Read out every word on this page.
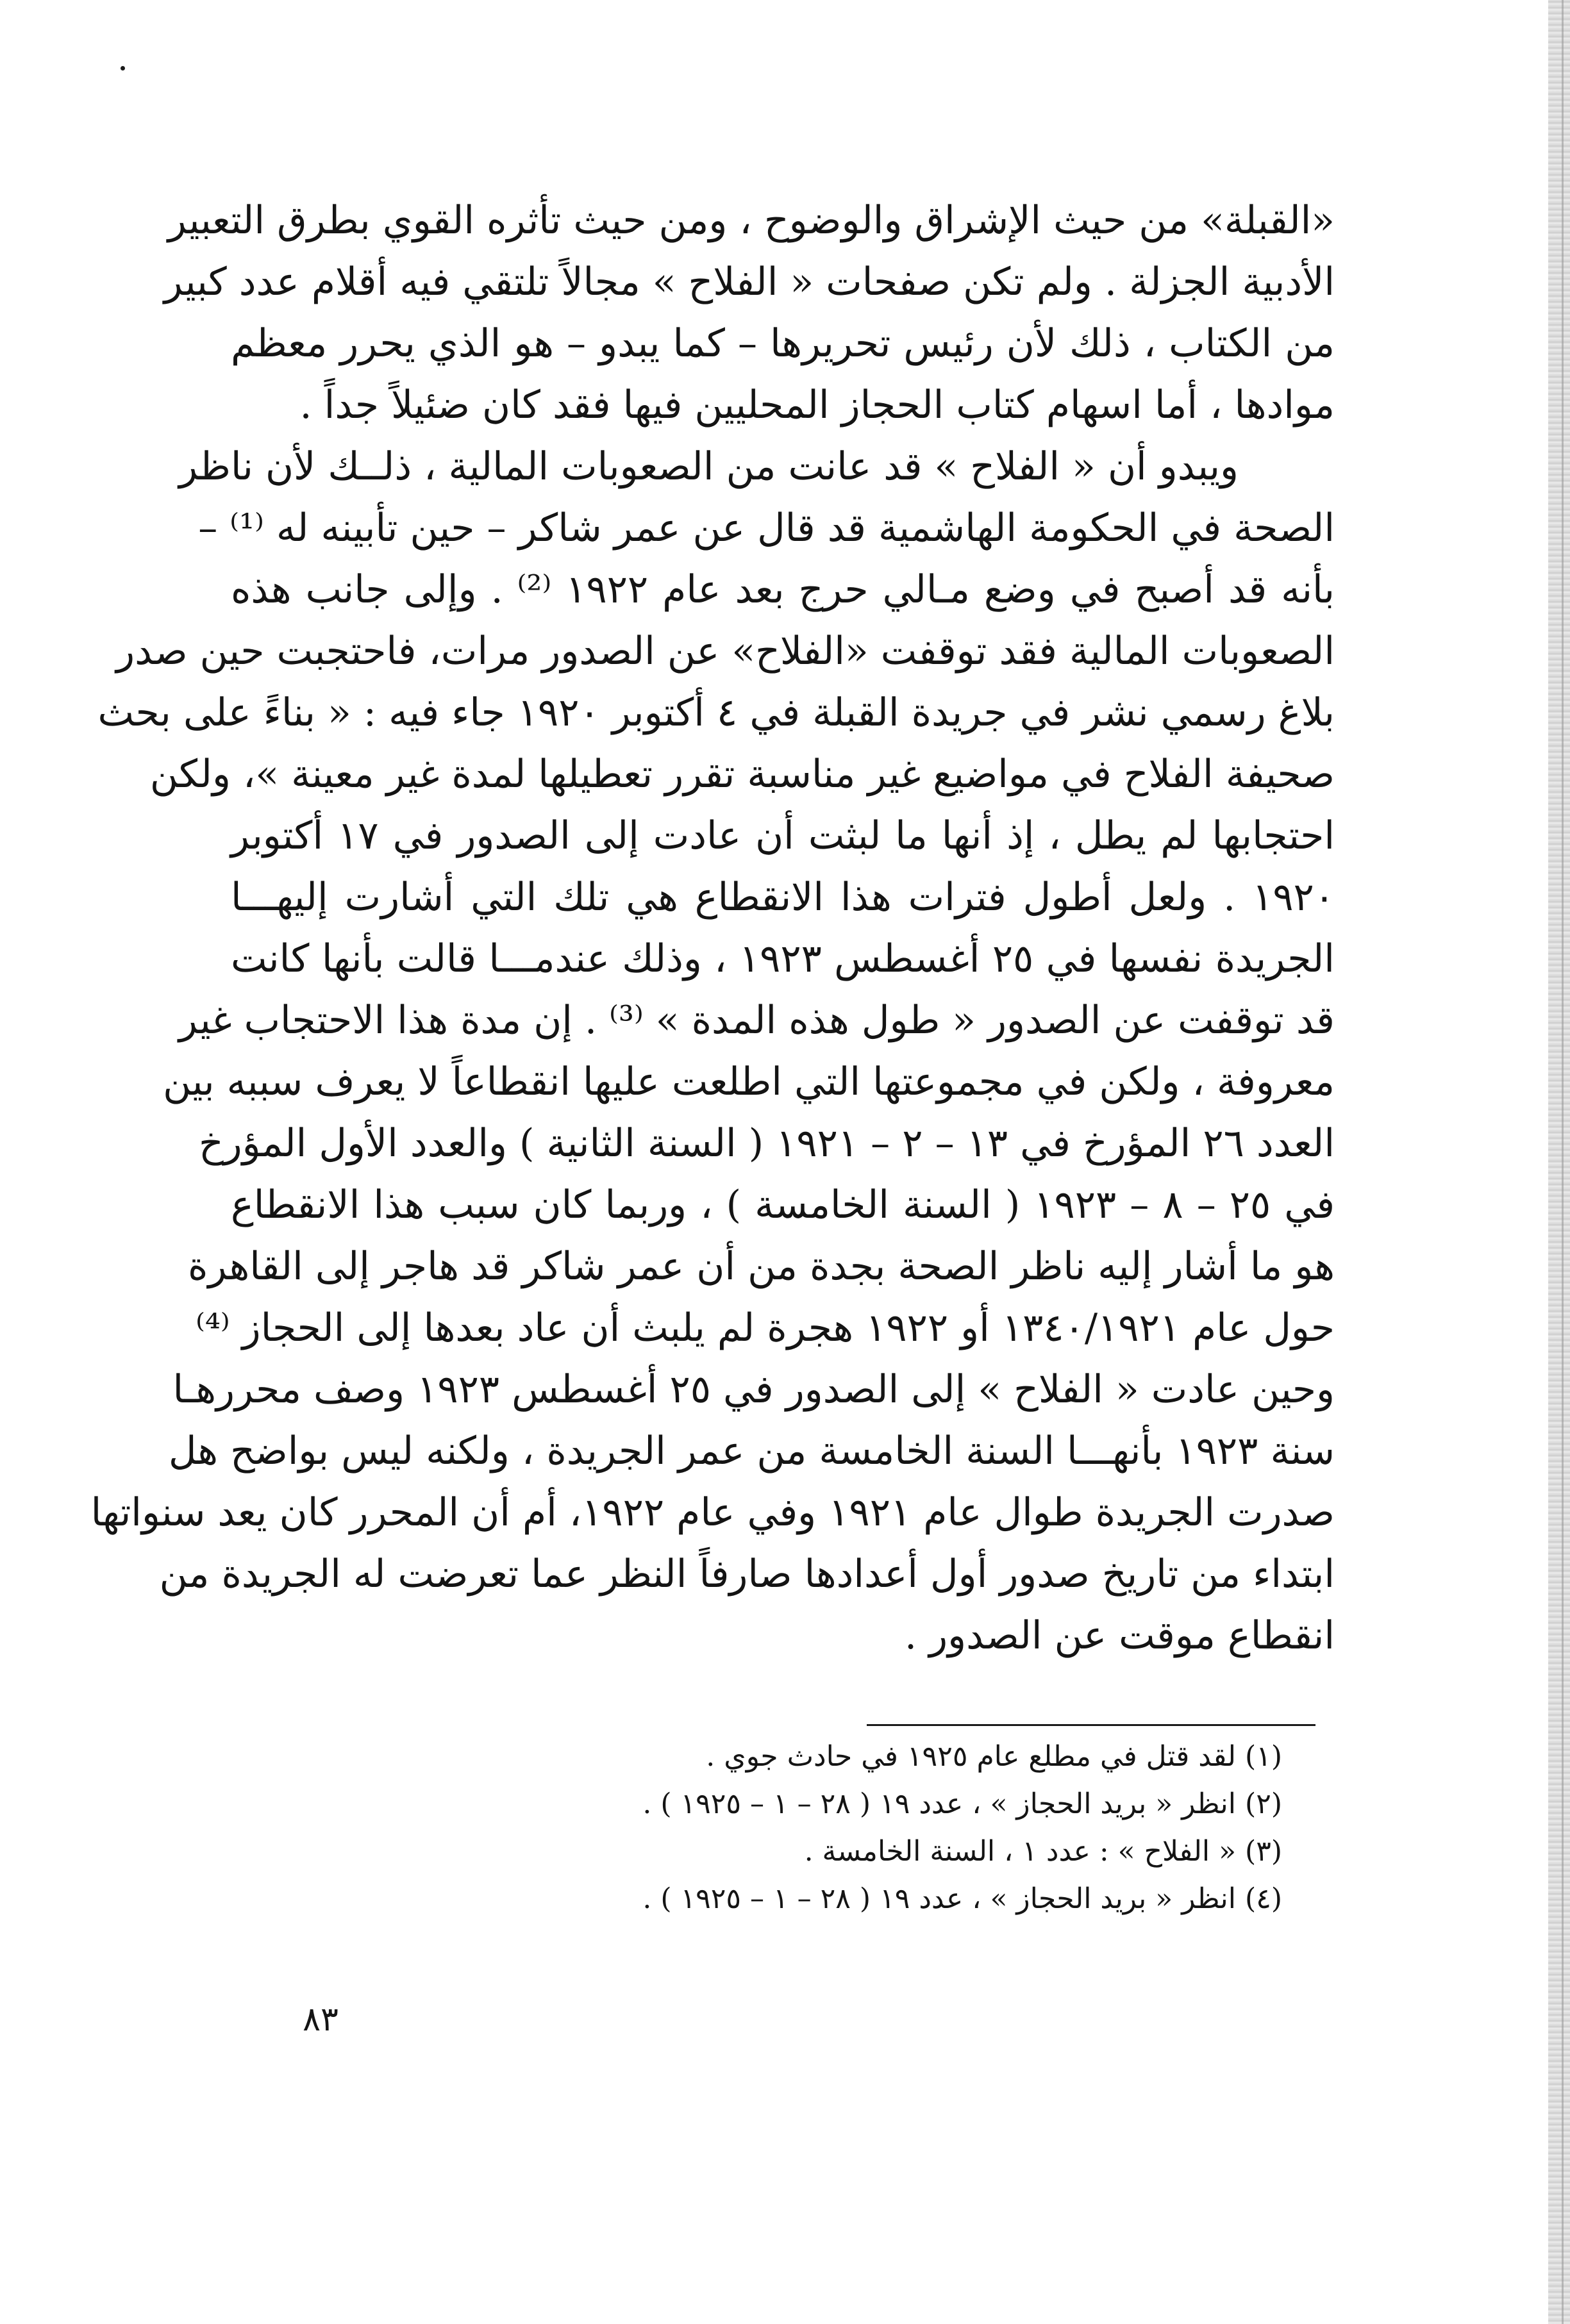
«القبلة» من حيث الإشراق والوضوح ، ومن حيث تأثره القوي بطرق التعبير
الأدبية الجزلة . ولم تكن صفحات « الفلاح » مجالاً تلتقي فيه أقلام عدد كبير
من الكتاب ، ذلك لأن رئيس تحريرها – كما يبدو – هو الذي يحرر معظم
موادها ، أما اسهام كتاب الحجاز المحليين فيها فقد كان ضئيلاً جداً .
ويبدو أن « الفلاح » قد عانت من الصعوبات المالية ، ذلــك لأن ناظر
الصحة في الحكومة الهاشمية قد قال عن عمر شاكر – حين تأبينه له ⁽¹⁾ –
بأنه قد أصبح في وضع مـالي حرج بعد عام ١٩٢٢ ⁽²⁾ . وإلى جانب هذه
الصعوبات المالية فقد توقفت «الفلاح» عن الصدور مرات، فاحتجبت حين صدر
بلاغ رسمي نشر في جريدة القبلة في ٤ أكتوبر ١٩٢٠ جاء فيه : « بناءً على بحث
صحيفة الفلاح في مواضيع غير مناسبة تقرر تعطيلها لمدة غير معينة »، ولكن
احتجابها لم يطل ، إذ أنها ما لبثت أن عادت إلى الصدور في ١٧ أكتوبر
١٩٢٠ . ولعل أطول فترات هذا الانقطاع هي تلك التي أشارت إليهـــا
الجريدة نفسها في ٢٥ أغسطس ١٩٢٣ ، وذلك عندمـــا قالت بأنها كانت
قد توقفت عن الصدور « طول هذه المدة » ⁽³⁾ . إن مدة هذا الاحتجاب غير
معروفة ، ولكن في مجموعتها التي اطلعت عليها انقطاعاً لا يعرف سببه بين
العدد ٢٦ المؤرخ في ١٣ – ٢ – ١٩٢١ ( السنة الثانية ) والعدد الأول المؤرخ
في ٢٥ – ٨ – ١٩٢٣ ( السنة الخامسة ) ، وربما كان سبب هذا الانقطاع
هو ما أشار إليه ناظر الصحة بجدة من أن عمر شاكر قد هاجر إلى القاهرة
حول عام ١٣٤٠/١٩٢١ أو ١٩٢٢ هجرة لم يلبث أن عاد بعدها إلى الحجاز ⁽⁴⁾
وحين عادت « الفلاح » إلى الصدور في ٢٥ أغسطس ١٩٢٣ وصف محررهـا
سنة ١٩٢٣ بأنهـــا السنة الخامسة من عمر الجريدة ، ولكنه ليس بواضح هل
صدرت الجريدة طوال عام ١٩٢١ وفي عام ١٩٢٢، أم أن المحرر كان يعد سنواتها
ابتداء من تاريخ صدور أول أعدادها صارفاً النظر عما تعرضت له الجريدة من
انقطاع موقت عن الصدور .
(١) لقد قتل في مطلع عام ١٩٢٥ في حادث جوي .
(٢) انظر « بريد الحجاز » ، عدد ١٩ ( ٢٨ – ١ – ١٩٢٥ ) .
(٣) « الفلاح » : عدد ١ ، السنة الخامسة .
(٤) انظر « بريد الحجاز » ، عدد ١٩ ( ٢٨ – ١ – ١٩٢٥ ) .
٨٣
